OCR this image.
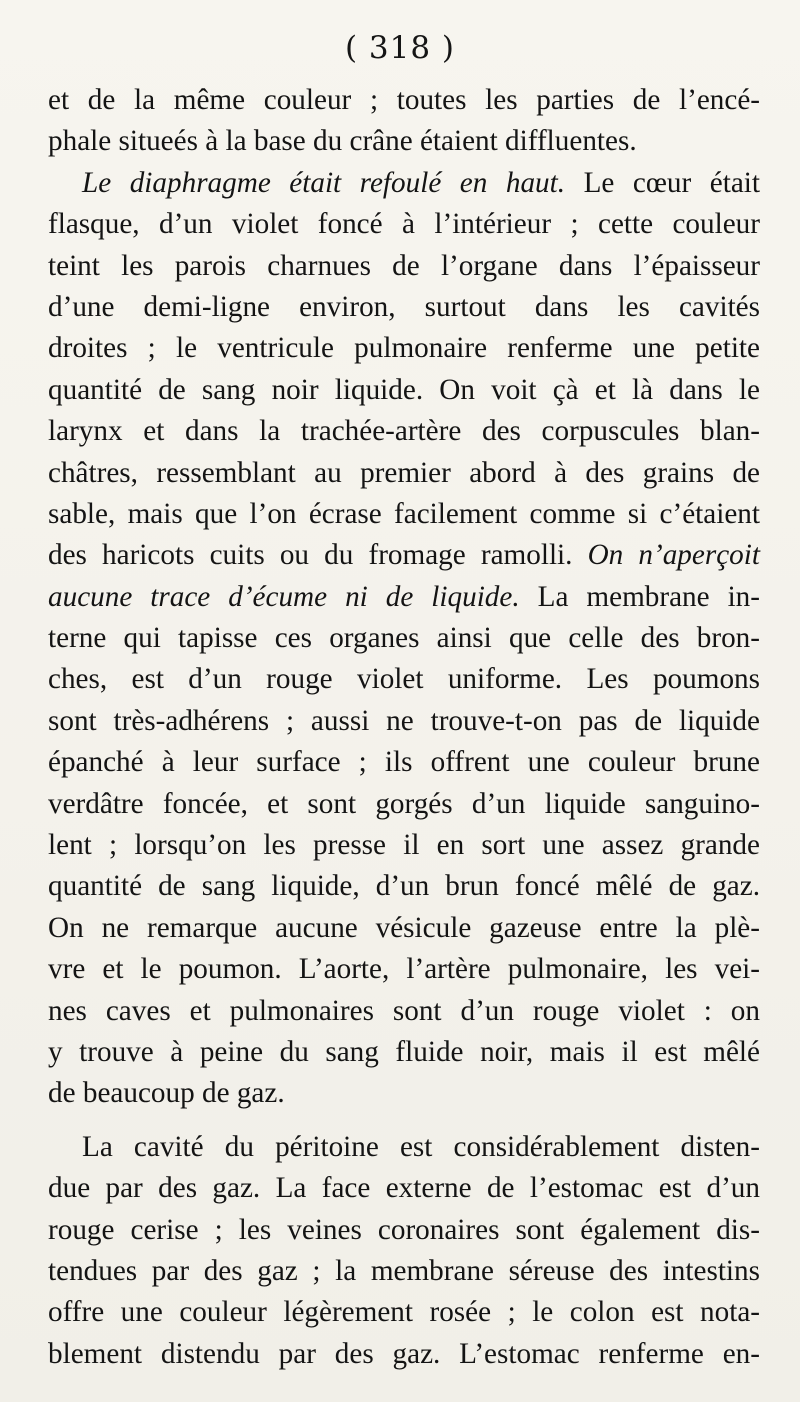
( 318 )
et de la même couleur ; toutes les parties de l’encé-
phale situeés à la base du crâne étaient diffluentes.
Le diaphragme était refoulé en haut. Le cœur était
flasque, d’un violet foncé à l’intérieur ; cette couleur
teint les parois charnues de l’organe dans l’épaisseur
d’une demi-ligne environ, surtout dans les cavités
droites ; le ventricule pulmonaire renferme une petite
quantité de sang noir liquide. On voit çà et là dans le
larynx et dans la trachée-artère des corpuscules blan-
châtres, ressemblant au premier abord à des grains de
sable, mais que l’on écrase facilement comme si c’étaient
des haricots cuits ou du fromage ramolli. On n’aperçoit
aucune trace d’écume ni de liquide. La membrane in-
terne qui tapisse ces organes ainsi que celle des bron-
ches, est d’un rouge violet uniforme. Les poumons
sont très-adhérens ; aussi ne trouve-t-on pas de liquide
épanché à leur surface ; ils offrent une couleur brune
verdâtre foncée, et sont gorgés d’un liquide sanguino-
lent ; lorsqu’on les presse il en sort une assez grande
quantité de sang liquide, d’un brun foncé mêlé de gaz.
On ne remarque aucune vésicule gazeuse entre la plè-
vre et le poumon. L’aorte, l’artère pulmonaire, les vei-
nes caves et pulmonaires sont d’un rouge violet : on
y trouve à peine du sang fluide noir, mais il est mêlé
de beaucoup de gaz.
La cavité du péritoine est considérablement disten-
due par des gaz. La face externe de l’estomac est d’un
rouge cerise ; les veines coronaires sont également dis-
tendues par des gaz ; la membrane séreuse des intestins
offre une couleur légèrement rosée ; le colon est nota-
blement distendu par des gaz. L’estomac renferme en-
